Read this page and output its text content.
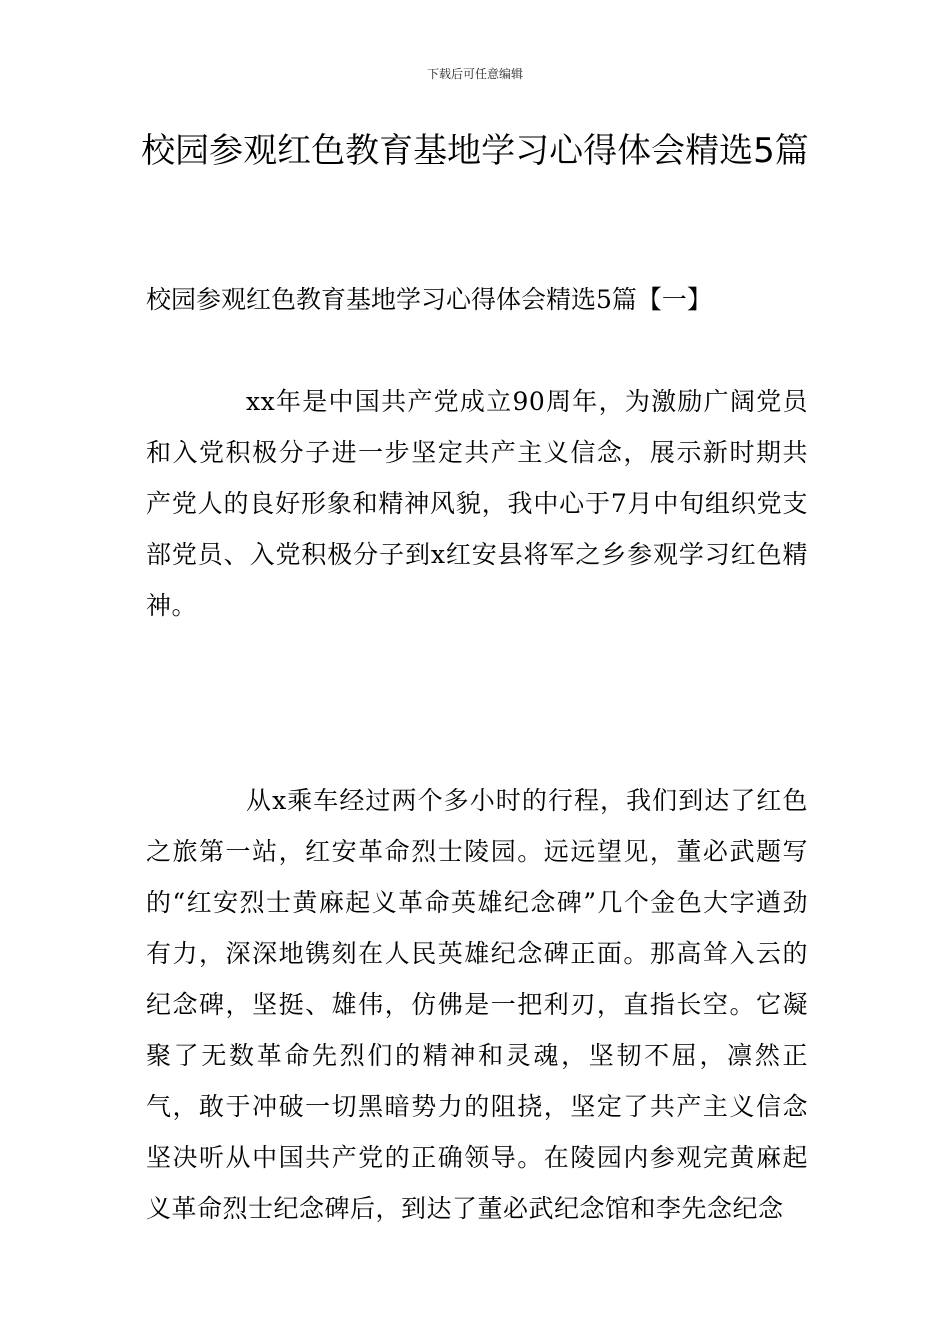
下载后可任意编辑
校园参观红色教育基地学习心得体会精选5篇
校园参观红色教育基地学习心得体会精选5篇【一】

xx年是中国共产党成立90周年，为激励广阔党员和入党积极分子进一步坚定共产主义信念，展示新时期共产党人的良好形象和精神风貌，我中心于7月中旬组织党支部党员、入党积极分子到x红安县将军之乡参观学习红色精神。

从x乘车经过两个多小时的行程，我们到达了红色之旅第一站，红安革命烈士陵园。远远望见，董必武题写的“红安烈士黄麻起义革命英雄纪念碑”几个金色大字遒劲有力，深深地镌刻在人民英雄纪念碑正面。那高耸入云的纪念碑，坚挺、雄伟，仿佛是一把利刃，直指长空。它凝聚了无数革命先烈们的精神和灵魂，坚韧不屈，凛然正气，敢于冲破一切黑暗势力的阻挠，坚定了共产主义信念坚决听从中国共产党的正确领导。在陵园内参观完黄麻起义革命烈士纪念碑后，到达了董必武纪念馆和李先念纪念
